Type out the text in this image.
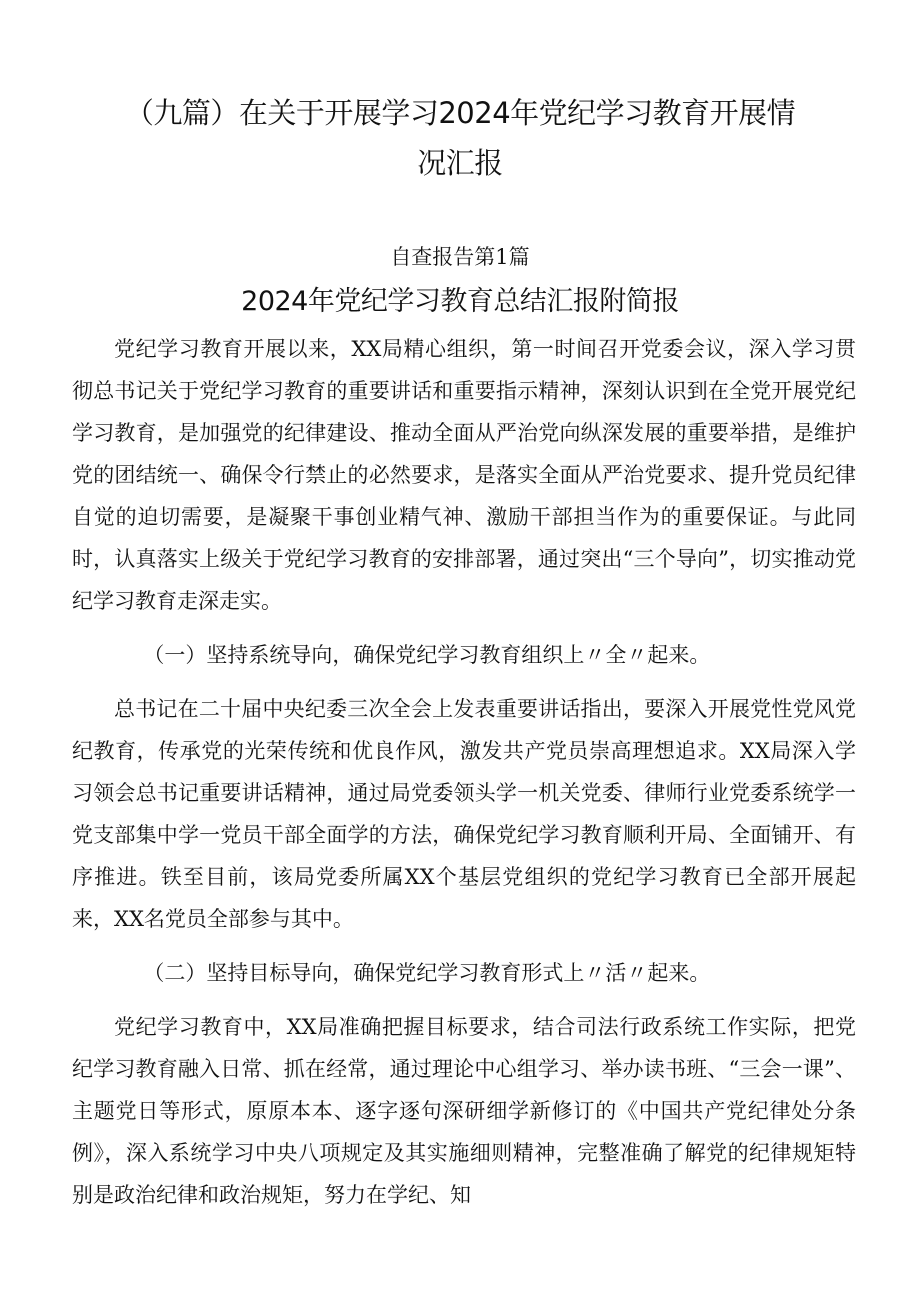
（九篇）在关于开展学习2024年党纪学习教育开展情
况汇报
自查报告第1篇
2024年党纪学习教育总结汇报附简报

党纪学习教育开展以来，XX局精心组织，第一时间召开党委会议，深入学习贯彻总书记关于党纪学习教育的重要讲话和重要指示精神，深刻认识到在全党开展党纪学习教育，是加强党的纪律建设、推动全面从严治党向纵深发展的重要举措，是维护党的团结统一、确保令行禁止的必然要求，是落实全面从严治党要求、提升党员纪律自觉的迫切需要，是凝聚干事创业精气神、激励干部担当作为的重要保证。与此同时，认真落实上级关于党纪学习教育的安排部署，通过突出“三个导向”，切实推动党纪学习教育走深走实。

（一）坚持系统导向，确保党纪学习教育组织上〃全〃起来。

总书记在二十届中央纪委三次全会上发表重要讲话指出，要深入开展党性党风党纪教育，传承党的光荣传统和优良作风，激发共产党员崇高理想追求。XX局深入学习领会总书记重要讲话精神，通过局党委领头学一机关党委、律师行业党委系统学一党支部集中学一党员干部全面学的方法，确保党纪学习教育顺利开局、全面铺开、有序推进。铁至目前，该局党委所属XX个基层党组织的党纪学习教育已全部开展起来，XX名党员全部参与其中。

（二）坚持目标导向，确保党纪学习教育形式上〃活〃起来。

党纪学习教育中，XX局准确把握目标要求，结合司法行政系统工作实际，把党纪学习教育融入日常、抓在经常，通过理论中心组学习、举办读书班、“三会一课”、主题党日等形式，原原本本、逐字逐句深研细学新修订的《中国共产党纪律处分条例》，深入系统学习中央八项规定及其实施细则精神，完整准确了解党的纪律规矩特别是政治纪律和政治规矩，努力在学纪、知
